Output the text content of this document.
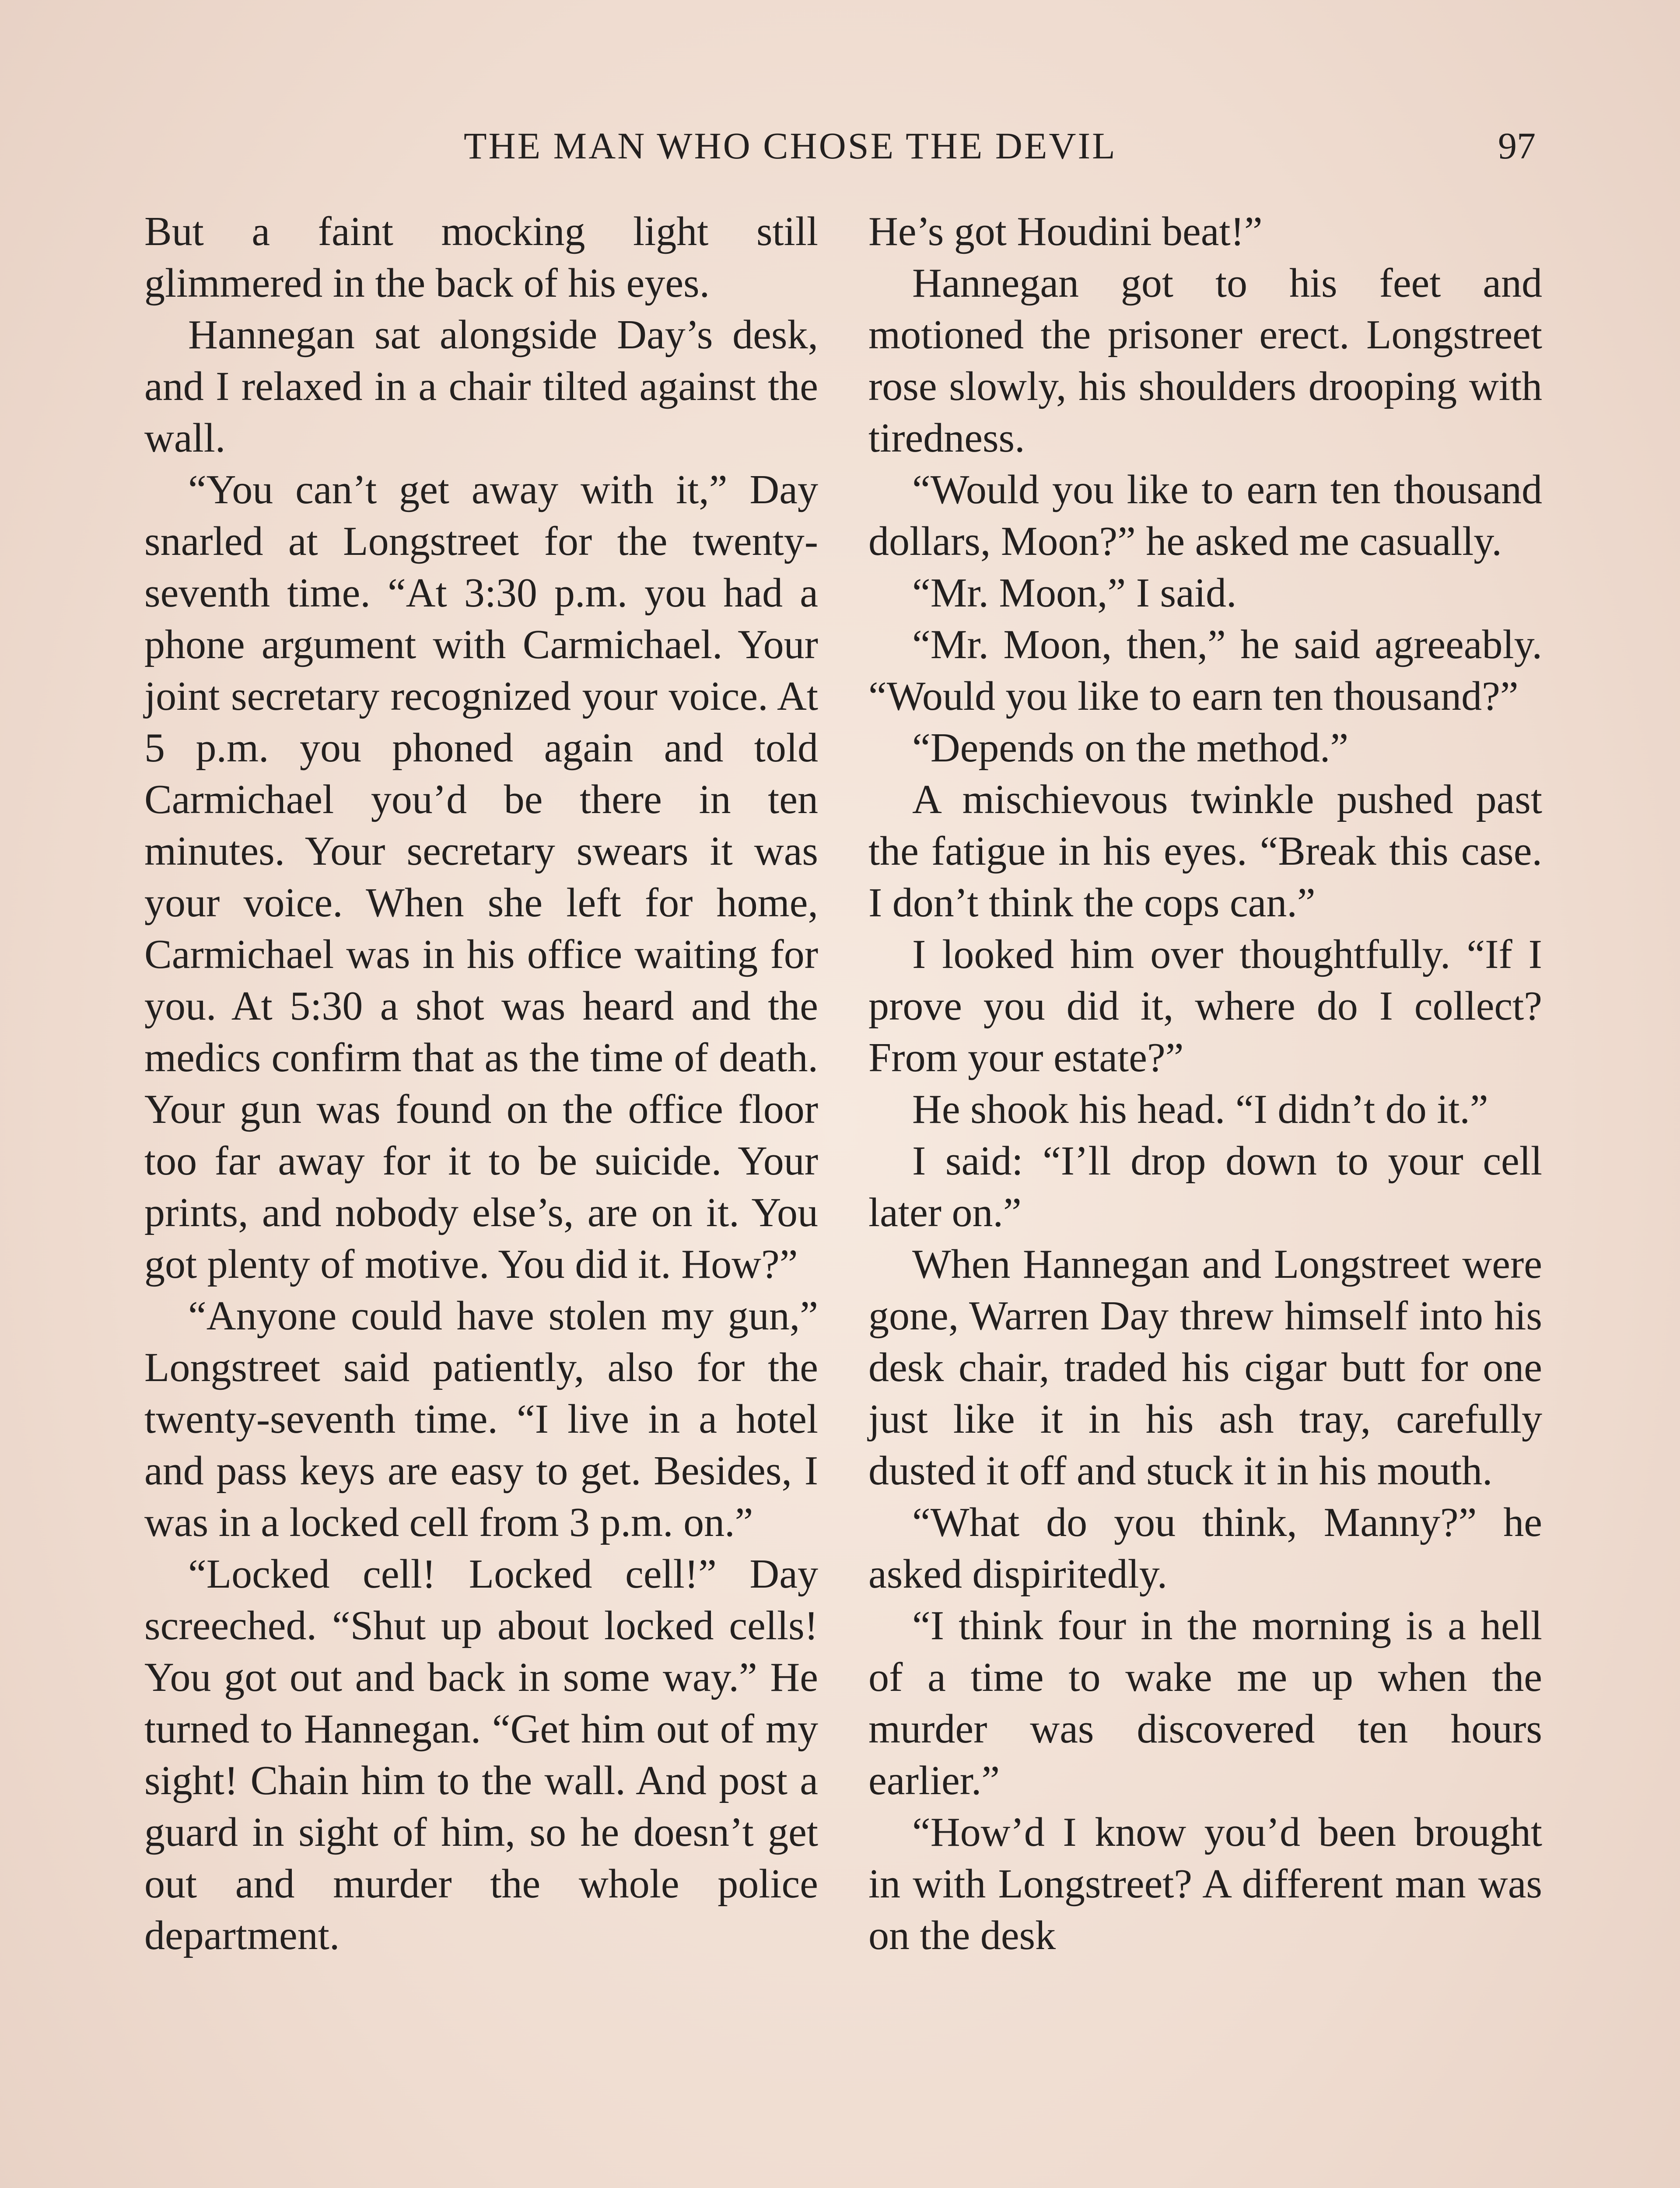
THE MAN WHO CHOSE THE DEVIL	97

But a faint mocking light still glimmered in the back of his eyes.

Hannegan sat alongside Day’s desk, and I relaxed in a chair tilted against the wall.

“You can’t get away with it,” Day snarled at Longstreet for the twenty-seventh time. “At 3:30 p.m. you had a phone argument with Carmichael. Your joint secretary recognized your voice. At 5 p.m. you phoned again and told Carmichael you’d be there in ten minutes. Your secretary swears it was your voice. When she left for home, Carmichael was in his office waiting for you. At 5:30 a shot was heard and the medics confirm that as the time of death. Your gun was found on the office floor too far away for it to be suicide. Your prints, and nobody else’s, are on it. You got plenty of motive. You did it. How?”

“Anyone could have stolen my gun,” Longstreet said patiently, also for the twenty-seventh time. “I live in a hotel and pass keys are easy to get. Besides, I was in a locked cell from 3 p.m. on.”

“Locked cell! Locked cell!” Day screeched. “Shut up about locked cells! You got out and back in some way.” He turned to Hannegan. “Get him out of my sight! Chain him to the wall. And post a guard in sight of him, so he doesn’t get out and murder the whole police department.

He’s got Houdini beat!”

Hannegan got to his feet and motioned the prisoner erect. Longstreet rose slowly, his shoulders drooping with tiredness.

“Would you like to earn ten thousand dollars, Moon?” he asked me casually.

“Mr. Moon,” I said.

“Mr. Moon, then,” he said agreeably. “Would you like to earn ten thousand?”

“Depends on the method.”

A mischievous twinkle pushed past the fatigue in his eyes. “Break this case. I don’t think the cops can.”

I looked him over thoughtfully. “If I prove you did it, where do I collect? From your estate?”

He shook his head. “I didn’t do it.”

I said: “I’ll drop down to your cell later on.”

When Hannegan and Longstreet were gone, Warren Day threw himself into his desk chair, traded his cigar butt for one just like it in his ash tray, carefully dusted it off and stuck it in his mouth.

“What do you think, Manny?” he asked dispiritedly.

“I think four in the morning is a hell of a time to wake me up when the murder was discovered ten hours earlier.”

“How’d I know you’d been brought in with Longstreet? A different man was on the desk
